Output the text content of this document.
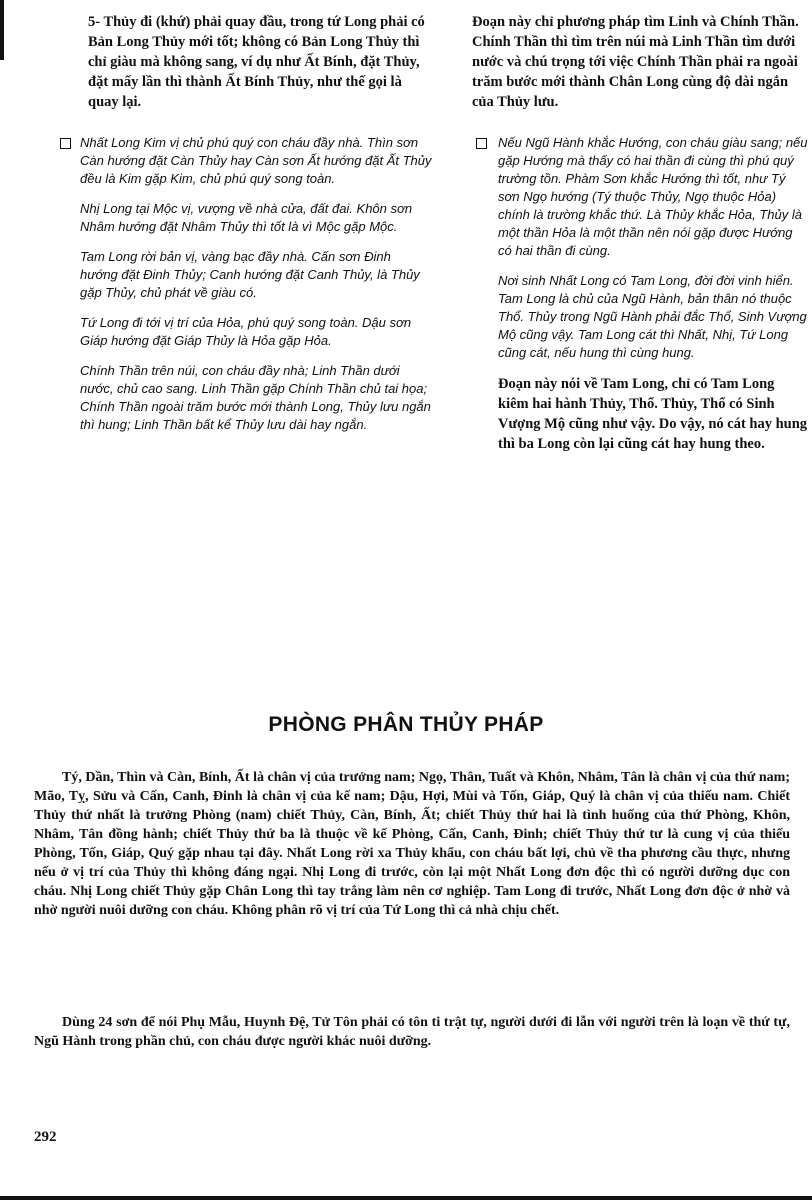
5- Thủy đi (khứ) phải quay đầu, trong tứ Long phải có Bản Long Thủy mới tốt; không có Bản Long Thủy thì chỉ giàu mà không sang, ví dụ như Ất Bính, đặt Thủy, đặt mấy lần thì thành Ất Bính Thủy, như thế gọi là quay lại.

Nhất Long Kim vị chủ phú quý con cháu đầy nhà. Thìn sơn Càn hướng đặt Càn Thủy hay Càn sơn Ất hướng đặt Ất Thủy đều là Kim gặp Kim, chủ phú quý song toàn.

Nhị Long tại Mộc vị, vượng về nhà cửa, đất đai. Khôn sơn Nhâm hướng đặt Nhâm Thủy thì tốt là vì Mộc gặp Mộc.

Tam Long rời bản vị, vàng bạc đầy nhà. Cấn sơn Đinh hướng đặt Đinh Thủy; Canh hướng đặt Canh Thủy, là Thủy gặp Thủy, chủ phát về giàu có.

Tứ Long đi tới vị trí của Hỏa, phú quý song toàn. Dậu sơn Giáp hướng đặt Giáp Thủy là Hỏa gặp Hỏa.

Chính Thần trên núi, con cháu đầy nhà; Linh Thần dưới nước, chủ cao sang. Linh Thần gặp Chính Thần chủ tai họa; Chính Thần ngoài trăm bước mới thành Long, Thủy lưu ngắn thì hung; Linh Thần bất kể Thủy lưu dài hay ngắn.

Đoạn này chỉ phương pháp tìm Linh và Chính Thần. Chính Thần thì tìm trên núi mà Linh Thần tìm dưới nước và chú trọng tới việc Chính Thần phải ra ngoài trăm bước mới thành Chân Long cùng độ dài ngắn của Thủy lưu.

Nếu Ngũ Hành khắc Hướng, con cháu giàu sang; nếu gặp Hướng mà thấy có hai thần đi cùng thì phú quý trường tồn. Phàm Sơn khắc Hướng thì tốt, như Tý sơn Ngọ hướng (Tý thuộc Thủy, Ngọ thuộc Hỏa) chính là trường khắc thứ. Là Thủy khắc Hỏa, Thủy là một thần Hỏa là một thần nên nói gặp được Hướng có hai thần đi cùng.

Nơi sinh Nhất Long có Tam Long, đời đời vinh hiển. Tam Long là chủ của Ngũ Hành, bản thân nó thuộc Thổ. Thủy trong Ngũ Hành phải đắc Thổ, Sinh Vượng Mộ cũng vậy. Tam Long cát thì Nhất, Nhị, Tứ Long cũng cát, nếu hung thì cùng hung.

Đoạn này nói về Tam Long, chỉ có Tam Long kiêm hai hành Thủy, Thổ. Thủy, Thổ có Sinh Vượng Mộ cũng như vậy. Do vậy, nó cát hay hung thì ba Long còn lại cũng cát hay hung theo.

PHÒNG PHÂN THỦY PHÁP

Tý, Dần, Thìn và Càn, Bính, Ất là chân vị của trưởng nam; Ngọ, Thân, Tuất và Khôn, Nhâm, Tân là chân vị của thứ nam; Mão, Tỵ, Sửu và Cấn, Canh, Đinh là chân vị của kế nam; Dậu, Hợi, Mùi và Tốn, Giáp, Quý là chân vị của thiếu nam. Chiết Thủy thứ nhất là trưởng Phòng (nam) chiết Thủy, Càn, Bính, Ất; chiết Thủy thứ hai là tình huống của thứ Phòng, Khôn, Nhâm, Tân đồng hành; chiết Thủy thứ ba là thuộc về kế Phòng, Cấn, Canh, Đinh; chiết Thủy thứ tư là cung vị của thiếu Phòng, Tốn, Giáp, Quý gặp nhau tại đây. Nhất Long rời xa Thủy khẩu, con cháu bất lợi, chủ về tha phương cầu thực, nhưng nếu ở vị trí của Thủy thì không đáng ngại. Nhị Long đi trước, còn lại một Nhất Long đơn độc thì có người dưỡng dục con cháu. Nhị Long chiết Thủy gặp Chân Long thì tay trắng làm nên cơ nghiệp. Tam Long đi trước, Nhất Long đơn độc ở nhờ và nhờ người nuôi dưỡng con cháu. Không phân rõ vị trí của Tứ Long thì cả nhà chịu chết.

Dùng 24 sơn để nói Phụ Mẫu, Huynh Đệ, Tử Tôn phải có tôn ti trật tự, người dưới đi lẫn với người trên là loạn về thứ tự, Ngũ Hành trong phần chủ, con cháu được người khác nuôi dưỡng.

292
